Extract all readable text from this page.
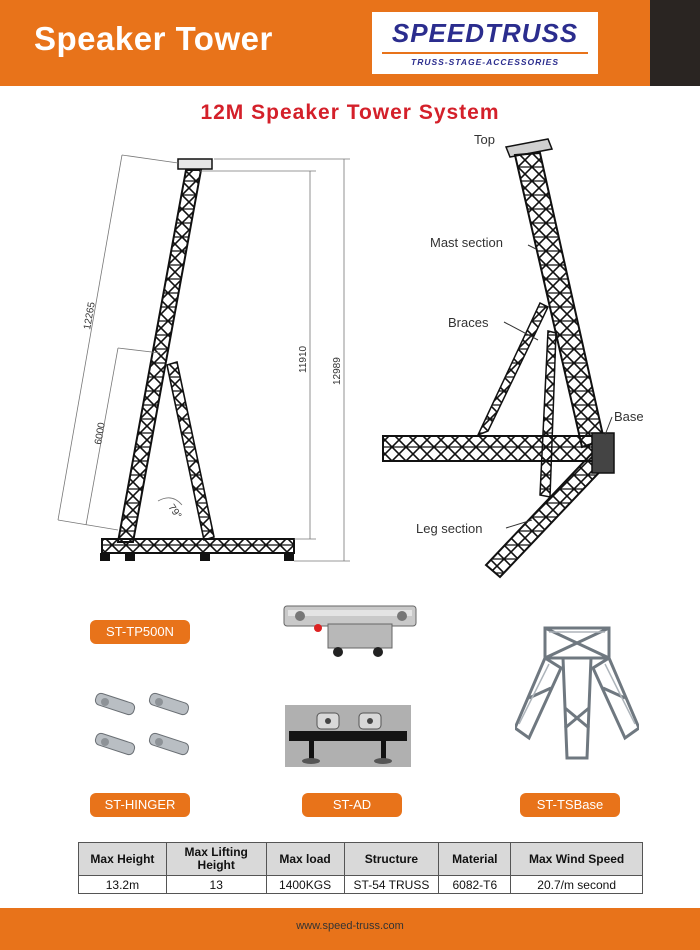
Speaker Tower	SPEEDTRUSS
TRUSS-STAGE-ACCESSORIES
12M Speaker Tower System
12265
6000
11910 12989
79°
Top
Mast section
Braces
Base
Leg section
ST-TP500N
ST-HINGER	ST-AD	ST-TSBase
Max Height	Max Lifting Height	Max load	Structure	Material	Max Wind Speed
13.2m	13	1400KGS	ST-54 TRUSS	6082-T6	20.7/m second
www.speed-truss.com
